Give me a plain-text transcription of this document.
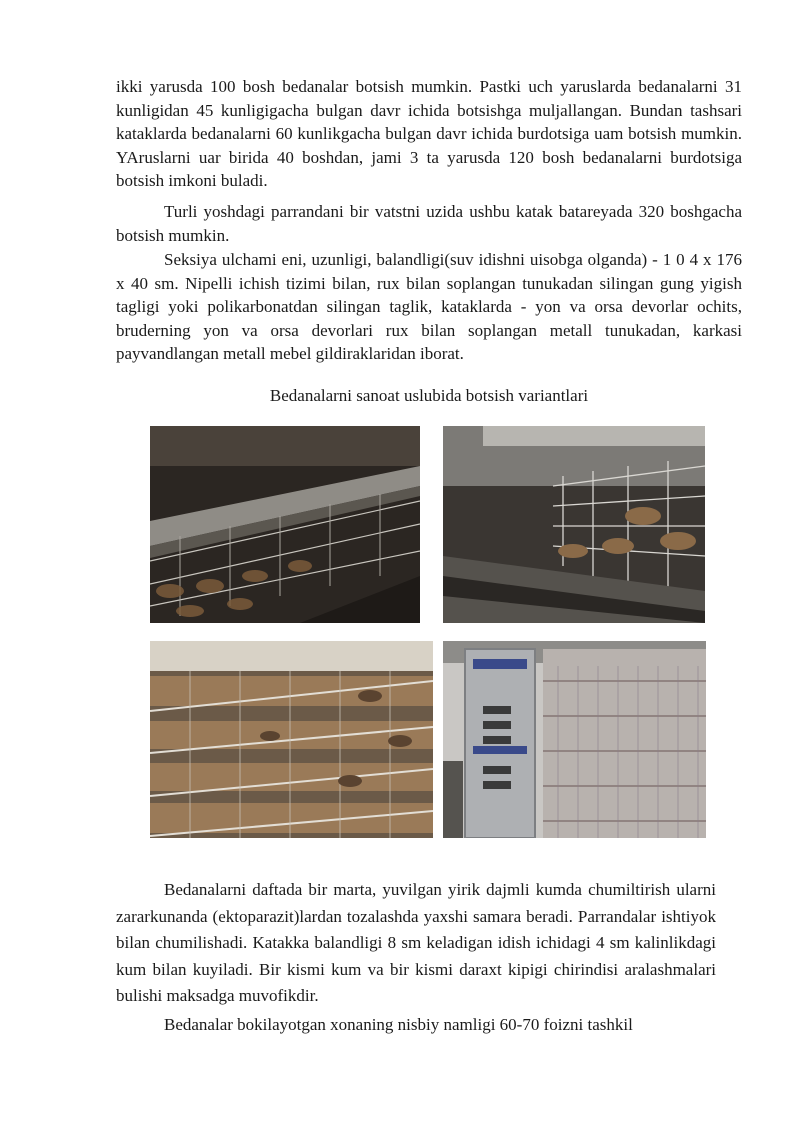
ikki yarusda 100 bosh bedanalar botsish mumkin. Pastki uch yaruslarda bedanalarni 31 kunligidan 45 kunligigacha bulgan davr ichida botsishga muljallangan. Bundan tashsari kataklarda bedanalarni 60 kunlikgacha bulgan davr ichida burdotsiga uam botsish mumkin. YAruslarni uar birida 40 boshdan, jami 3 ta yarusda 120 bosh bedanalarni burdotsiga botsish imkoni buladi.

Turli yoshdagi parrandani bir vatstni uzida ushbu katak batareyada 320 boshgacha botsish mumkin.

Seksiya ulchami eni, uzunligi, balandligi(suv idishni uisobga olganda) - 1 0 4 x 176 x 40 sm. Nipelli ichish tizimi bilan, rux bilan soplangan tunukadan silingan gung yigish tagligi yoki polikarbonatdan silingan taglik, kataklarda - yon va orsa devorlar ochits, bruderning yon va orsa devorlari rux bilan soplangan metall tunukadan, karkasi payvandlangan metall mebel gildiraklaridan iborat.

Bedanalarni sanoat uslubida botsish variantlari

Bedanalarni daftada bir marta, yuvilgan yirik dajmli kumda chumiltirish ularni zararkunanda (ektoparazit)lardan tozalashda yaxshi samara beradi. Parrandalar ishtiyok bilan chumilishadi. Katakka balandligi 8 sm keladigan idish ichidagi 4 sm kalinlikdagi kum bilan kuyiladi. Bir kismi kum va bir kismi daraxt kipigi chirindisi aralashmalari bulishi maksadga muvofikdir.

Bedanalar bokilayotgan xonaning nisbiy namligi 60-70 foizni tashkil
